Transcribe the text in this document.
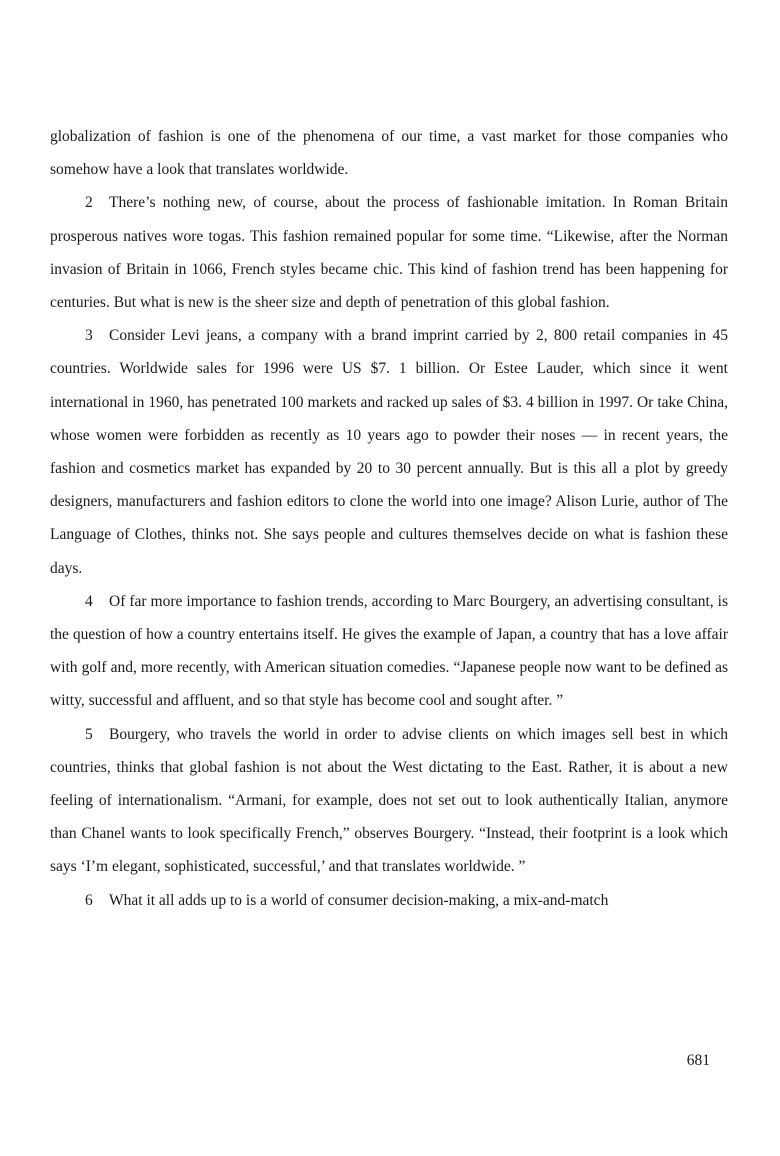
globalization of fashion is one of the phenomena of our time, a vast market for those companies who somehow have a look that translates worldwide.

2 There’s nothing new, of course, about the process of fashionable imitation. In Roman Britain prosperous natives wore togas. This fashion remained popular for some time. “Likewise, after the Norman invasion of Britain in 1066, French styles became chic. This kind of fashion trend has been happening for centuries. But what is new is the sheer size and depth of penetration of this global fashion.

3 Consider Levi jeans, a company with a brand imprint carried by 2, 800 retail companies in 45 countries. Worldwide sales for 1996 were US $7. 1 billion. Or Estee Lauder, which since it went international in 1960, has penetrated 100 markets and racked up sales of $3. 4 billion in 1997. Or take China, whose women were forbidden as recently as 10 years ago to powder their noses — in recent years, the fashion and cosmetics market has expanded by 20 to 30 percent annually. But is this all a plot by greedy designers, manufacturers and fashion editors to clone the world into one image? Alison Lurie, author of The Language of Clothes, thinks not. She says people and cultures themselves decide on what is fashion these days.

4 Of far more importance to fashion trends, according to Marc Bourgery, an advertising consultant, is the question of how a country entertains itself. He gives the example of Japan, a country that has a love affair with golf and, more recently, with American situation comedies. “Japanese people now want to be defined as witty, successful and affluent, and so that style has become cool and sought after. ”

5 Bourgery, who travels the world in order to advise clients on which images sell best in which countries, thinks that global fashion is not about the West dictating to the East. Rather, it is about a new feeling of internationalism. “Armani, for example, does not set out to look authentically Italian, anymore than Chanel wants to look specifically French,” observes Bourgery. “Instead, their footprint is a look which says ‘I’m elegant, sophisticated, successful,’ and that translates worldwide. ”

6 What it all adds up to is a world of consumer decision-making, a mix-and-match

681
